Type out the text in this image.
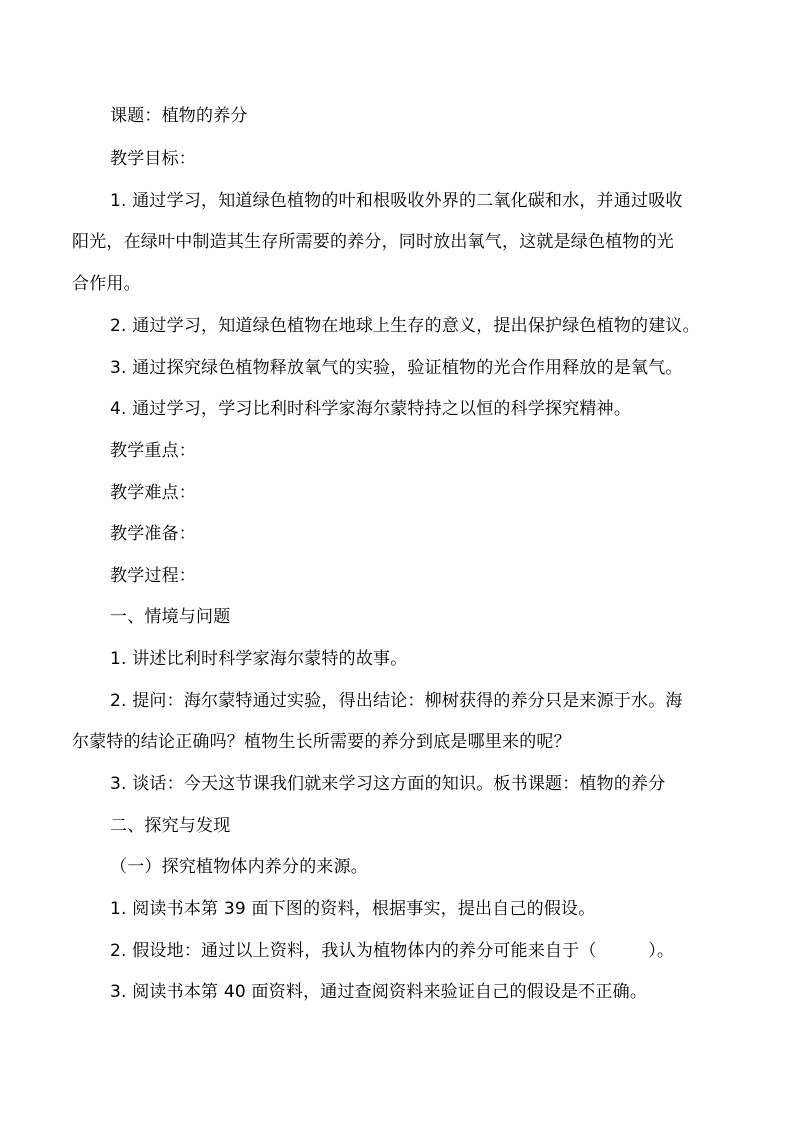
课题：植物的养分
教学目标：
1. 通过学习，知道绿色植物的叶和根吸收外界的二氧化碳和水，并通过吸收
阳光，在绿叶中制造其生存所需要的养分，同时放出氧气，这就是绿色植物的光
合作用。
2. 通过学习，知道绿色植物在地球上生存的意义，提出保护绿色植物的建议。
3. 通过探究绿色植物释放氧气的实验，验证植物的光合作用释放的是氧气。
4. 通过学习，学习比利时科学家海尔蒙特持之以恒的科学探究精神。
教学重点：
教学难点：
教学准备：
教学过程：
一、情境与问题
1. 讲述比利时科学家海尔蒙特的故事。
2. 提问：海尔蒙特通过实验，得出结论：柳树获得的养分只是来源于水。海
尔蒙特的结论正确吗？植物生长所需要的养分到底是哪里来的呢？
3. 谈话：今天这节课我们就来学习这方面的知识。板书课题：植物的养分
二、探究与发现
（一）探究植物体内养分的来源。
1. 阅读书本第 39 面下图的资料，根据事实，提出自己的假设。
2. 假设地：通过以上资料，我认为植物体内的养分可能来自于（　　　）。
3. 阅读书本第 40 面资料，通过查阅资料来验证自己的假设是不正确。
